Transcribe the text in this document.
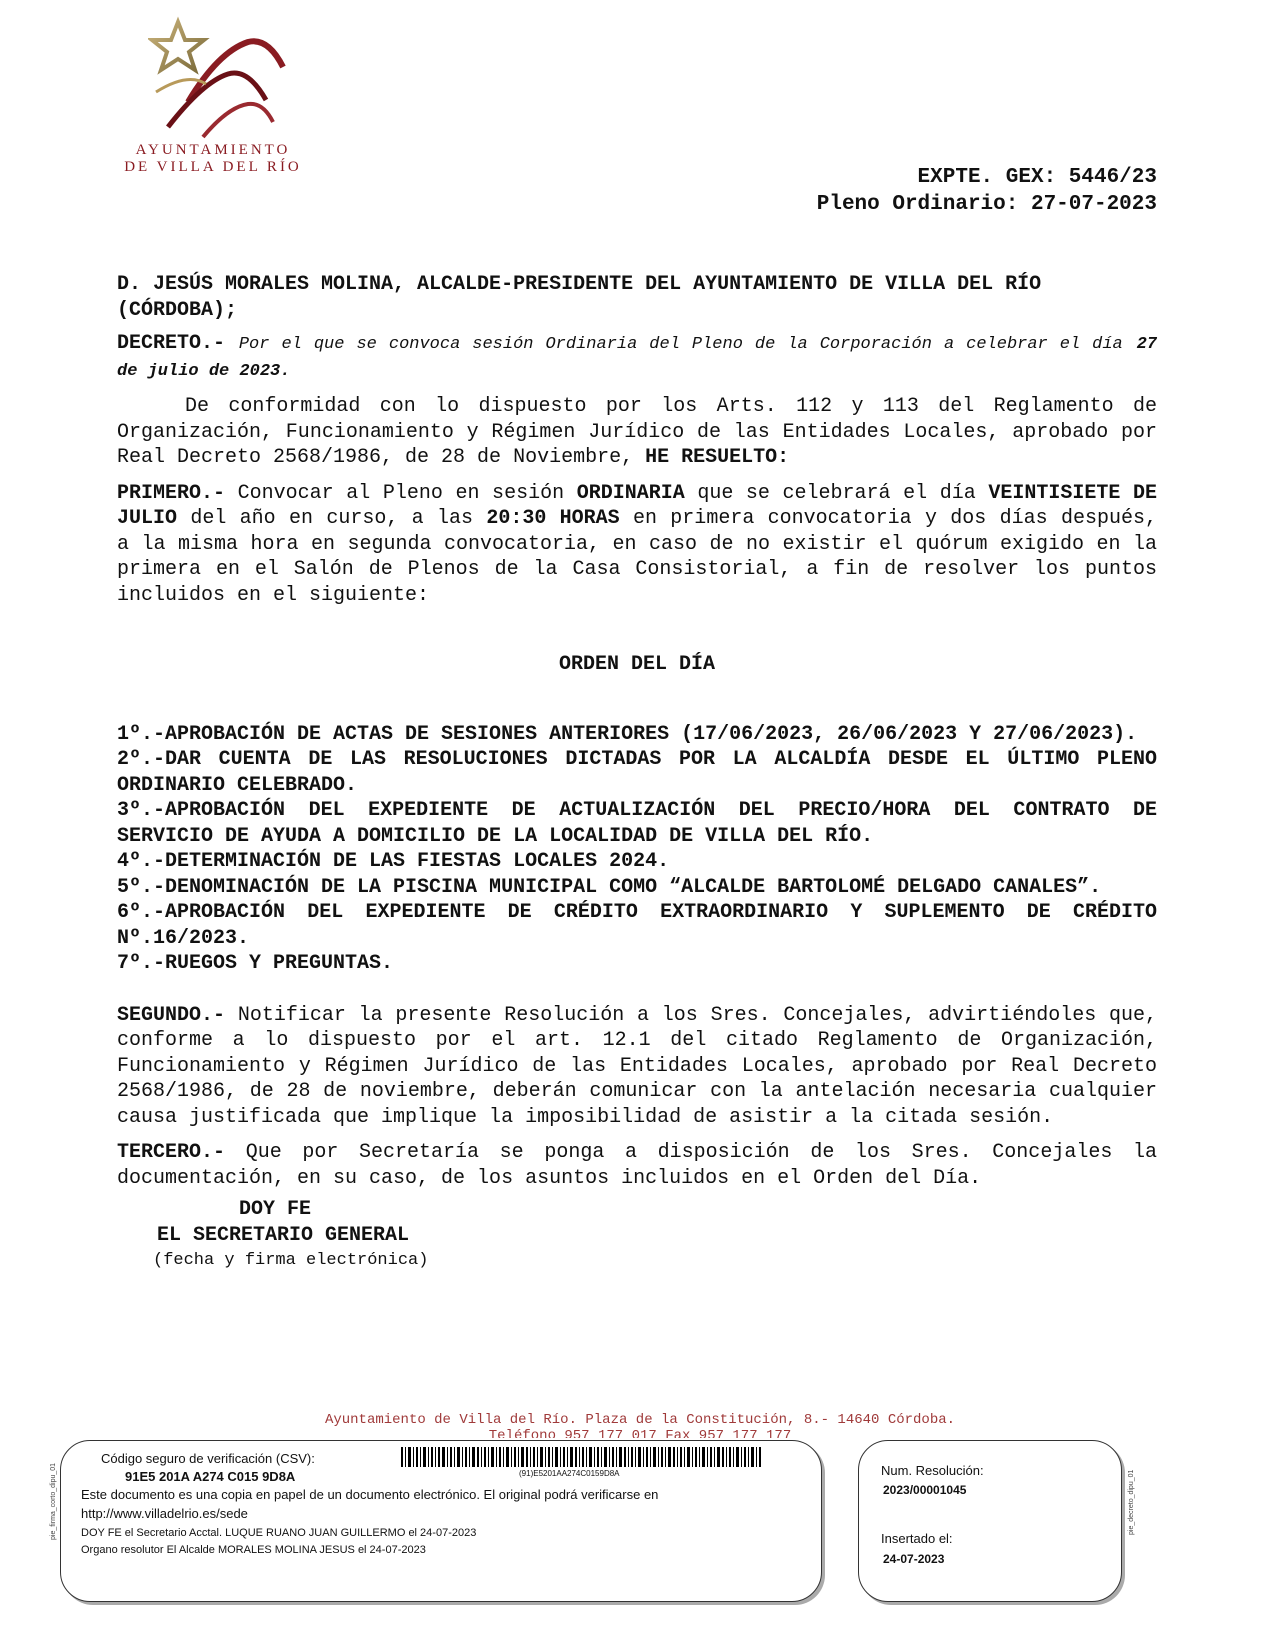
AYUNTAMIENTO
DE VILLA DEL RÍO	EXPTE. GEX: 5446/23
Pleno Ordinario: 27-07-2023

D. JESÚS MORALES MOLINA, ALCALDE-PRESIDENTE DEL AYUNTAMIENTO DE VILLA DEL RÍO (CÓRDOBA);

DECRETO.- Por el que se convoca sesión Ordinaria del Pleno de la Corporación a celebrar el día 27 de julio de 2023.

De conformidad con lo dispuesto por los Arts. 112 y 113 del Reglamento de Organización, Funcionamiento y Régimen Jurídico de las Entidades Locales, aprobado por Real Decreto 2568/1986, de 28 de Noviembre, HE RESUELTO:

PRIMERO.- Convocar al Pleno en sesión ORDINARIA que se celebrará el día VEINTISIETE DE JULIO del año en curso, a las 20:30 HORAS en primera convocatoria y dos días después, a la misma hora en segunda convocatoria, en caso de no existir el quórum exigido en la primera en el Salón de Plenos de la Casa Consistorial, a fin de resolver los puntos incluidos en el siguiente:

ORDEN DEL DÍA

1º.-APROBACIÓN DE ACTAS DE SESIONES ANTERIORES (17/06/2023, 26/06/2023 Y 27/06/2023).
2º.-DAR CUENTA DE LAS RESOLUCIONES DICTADAS POR LA ALCALDÍA DESDE EL ÚLTIMO PLENO ORDINARIO CELEBRADO.
3º.-APROBACIÓN DEL EXPEDIENTE DE ACTUALIZACIÓN DEL PRECIO/HORA DEL CONTRATO DE SERVICIO DE AYUDA A DOMICILIO DE LA LOCALIDAD DE VILLA DEL RÍO.
4º.-DETERMINACIÓN DE LAS FIESTAS LOCALES 2024.
5º.-DENOMINACIÓN DE LA PISCINA MUNICIPAL COMO “ALCALDE BARTOLOMÉ DELGADO CANALES”.
6º.-APROBACIÓN DEL EXPEDIENTE DE CRÉDITO EXTRAORDINARIO Y SUPLEMENTO DE CRÉDITO Nº.16/2023.
7º.-RUEGOS Y PREGUNTAS.

SEGUNDO.- Notificar la presente Resolución a los Sres. Concejales, advirtiéndoles que, conforme a lo dispuesto por el art. 12.1 del citado Reglamento de Organización, Funcionamiento y Régimen Jurídico de las Entidades Locales, aprobado por Real Decreto 2568/1986, de 28 de noviembre, deberán comunicar con la antelación necesaria cualquier causa justificada que implique la imposibilidad de asistir a la citada sesión.

TERCERO.- Que por Secretaría se ponga a disposición de los Sres. Concejales la documentación, en su caso, de los asuntos incluidos en el Orden del Día.

DOY FE
EL SECRETARIO GENERAL
(fecha y firma electrónica)
Ayuntamiento de Villa del Río. Plaza de la Constitución, 8.- 14640 Córdoba.
Teléfono 957 177 017 Fax 957 177 177
pie_firma_corto_dipu_01	pie_decreto_dipu_01
Código seguro de verificación (CSV):
91E5 201A A274 C015 9D8A	(91)E5201AA274C0159D8A
Este documento es una copia en papel de un documento electrónico. El original podrá verificarse en
http://www.villadelrio.es/sede
DOY FE el Secretario Acctal. LUQUE RUANO JUAN GUILLERMO el 24-07-2023
Organo resolutor El Alcalde MORALES MOLINA JESUS el 24-07-2023
Num. Resolución:
2023/00001045
Insertado el:
24-07-2023
